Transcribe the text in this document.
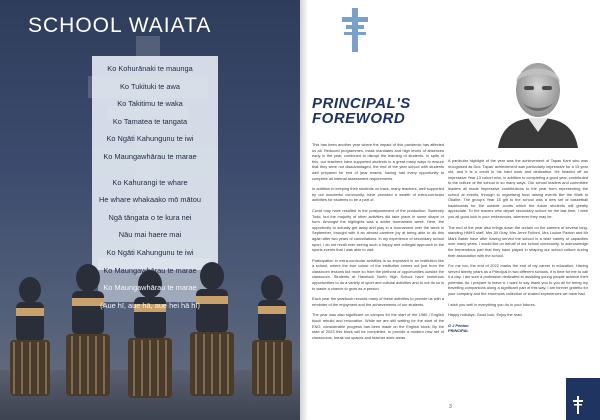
SCHOOL WAIATA
Ko Kohurānaki te maunga
Ko Tukituki te awa
Ko Takitimu te waka
Ko Tamatea te tangata
Ko Ngāti Kahungunu te iwi
Ko Maungawhārau te marae
Ko Kahurangi te whare
He whare whakaako mō mātou
Ngā tāngata o te kura nei
Nāu mai haere mai
Ko Ngāti Kahungunu te iwi
Ko Maungawhārau te marae
Ko Maungawhārau te marae
(Aue hī, aue hā, aue hei hā hī)
PRINCIPAL'S
FOREWORD

This has been another year where the impact of this pandemic has affected us all. Reduced programmes, mask mandates and high levels of absences early in the year, continued to disrupt the learning of students. In spite of this, our teachers have supported students in a great many ways to ensure that they were not disadvantaged, the end of the year school with students well prepared for end of year exams, having had every opportunity to complete all internal assessment requirements.

In addition to keeping their students on track, many teachers, well supported by our wonderful community, have provided a wealth of extra-curricular activities for students to be a part of.

Covid may have resulted in the postponement of the production, Sweeney Todd, but the majority of other activities did take place in some shape or form. Amongst the highlights was a winter tournament week. Here, the opportunity to actually get away and play in a tournament over the week in September, brought with it an almost carefree joy at being able to do this again after two years of cancellations. In my experience of secondary school sport, I do not recall ever seeing such a happy and collegial approach to the sports events that I was able to visit.

Participation in extra-curricular activities is so important in an institution like a school, where the true colour of the institution comes out just from the classroom lessons but more so from the plethora of opportunities outside the classroom. Students at Havelock North High School have numerous opportunities to do a variety of sport and cultural activities and to not do so is to waste a chance to grow as a person.

Each year the yearbook records many of these activities to provide us with a reminder of the enjoyment and the achievements of our students.

The year was also significant on campus for the start of the 1980 / English block rebuild and renovation. While we are still waiting for the start of the ENG, considerable progress has been made on the English block. By the start of 2023 this block will be completed, to provide a modern new set of classrooms, break out spaces and teacher work areas.

A particular highlight of the year was the achievement of Tapas Kant who was recognised as Dux. Tapas' achievement was particularly impressive for a 15 year old, and it is a credit to his hard work and dedication. He headed off an impressive Year 13 cohort who, in addition to completing a good year, contributed to the culture of the school in so many ways. Our school leaders and committee leaders all made impressive contributions to the year from representing the school at events, through to organising fund raising events like the Walk to Okaihe. The group's Year 15 gift to the school was a new set of basketball backboards for the outside courts which the future students will greatly appreciate. To the leavers who depart secondary school for the last time, I wish you all good luck in your endeavours, wherever they may be.

The end of the year also brings down the curtain on the careers of several long-standing HNHS staff. Mrs Jill Gray, Mrs Jenni Fulford, Mrs Louise Paxton and Mr Mark Baker have after having served the school in a wide variety of capacities over many years. I would like on behalf of our school community, to acknowledge the tremendous part that they have played in shaping our school culture during their association with the school.

For me too, the end of 2022 marks the end of my career in education. Having served twenty years as a Principal in two different schools, it is time for me to call it a day. I am sure a profession dedicated to assisting young people achieve their potential. As I prepare to leave it, I want to say thank you to you all for being my travelling companions along a significant part of this way. I am forever grateful for your company and the enormous collection of shared experiences we have had.

I wish you well in everything you do in your futures.

Happy holidays. Good luck. Enjoy the read.

G J Penton
PRINCIPAL
3
